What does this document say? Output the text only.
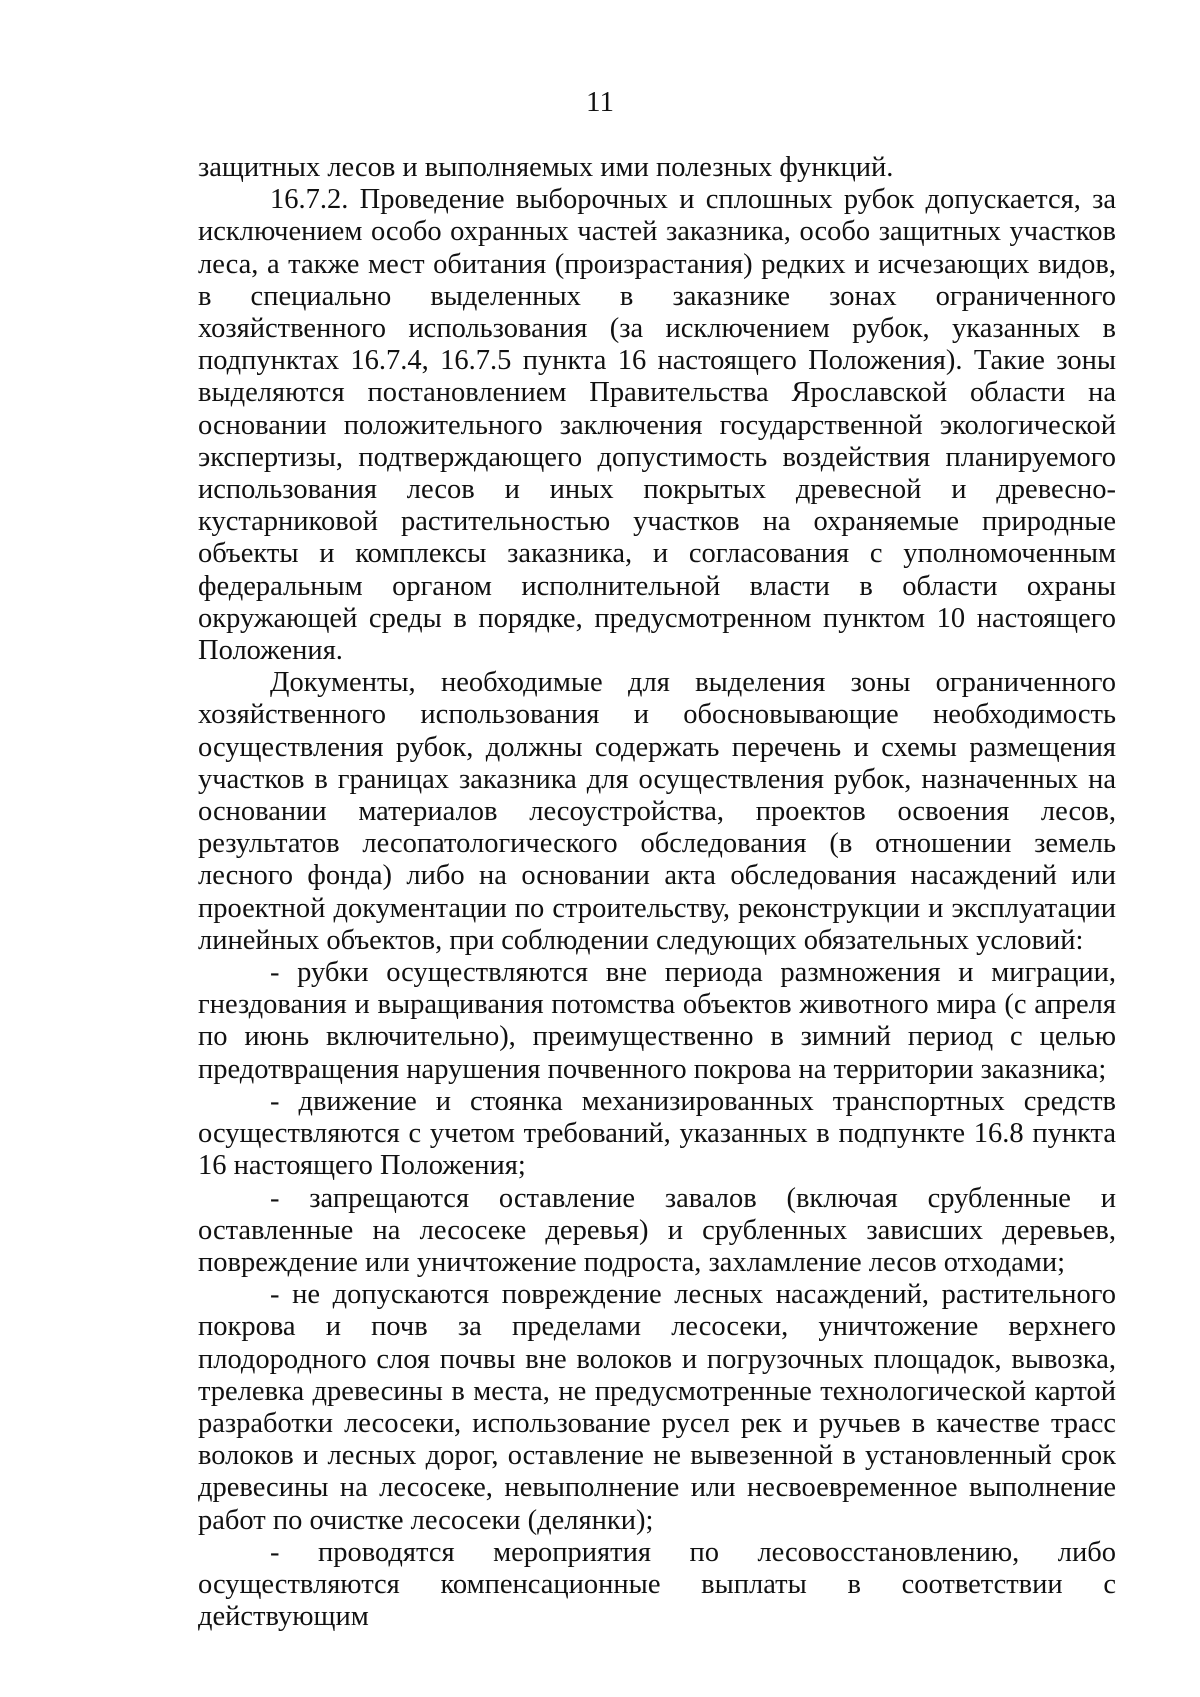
11

защитных лесов и выполняемых ими полезных функций.

16.7.2. Проведение выборочных и сплошных рубок допускается, за исключением особо охранных частей заказника, особо защитных участков леса, а также мест обитания (произрастания) редких и исчезающих видов, в специально выделенных в заказнике зонах ограниченного хозяйственного использования (за исключением рубок, указанных в подпунктах 16.7.4, 16.7.5 пункта 16 настоящего Положения). Такие зоны выделяются постановлением Правительства Ярославской области на основании положительного заключения государственной экологической экспертизы, подтверждающего допустимость воздействия планируемого использования лесов и иных покрытых древесной и древесно-кустарниковой растительностью участков на охраняемые природные объекты и комплексы заказника, и согласования с уполномоченным федеральным органом исполнительной власти в области охраны окружающей среды в порядке, предусмотренном пунктом 10 настоящего Положения.

Документы, необходимые для выделения зоны ограниченного хозяйственного использования и обосновывающие необходимость осуществления рубок, должны содержать перечень и схемы размещения участков в границах заказника для осуществления рубок, назначенных на основании материалов лесоустройства, проектов освоения лесов, результатов лесопатологического обследования (в отношении земель лесного фонда) либо на основании акта обследования насаждений или проектной документации по строительству, реконструкции и эксплуатации линейных объектов, при соблюдении следующих обязательных условий:

- рубки осуществляются вне периода размножения и миграции, гнездования и выращивания потомства объектов животного мира (с апреля по июнь включительно), преимущественно в зимний период с целью предотвращения нарушения почвенного покрова на территории заказника;

- движение и стоянка механизированных транспортных средств осуществляются с учетом требований, указанных в подпункте 16.8 пункта 16 настоящего Положения;

- запрещаются оставление завалов (включая срубленные и оставленные на лесосеке деревья) и срубленных зависших деревьев, повреждение или уничтожение подроста, захламление лесов отходами;

- не допускаются повреждение лесных насаждений, растительного покрова и почв за пределами лесосеки, уничтожение верхнего плодородного слоя почвы вне волоков и погрузочных площадок, вывозка, трелевка древесины в места, не предусмотренные технологической картой разработки лесосеки, использование русел рек и ручьев в качестве трасс волоков и лесных дорог, оставление не вывезенной в установленный срок древесины на лесосеке, невыполнение или несвоевременное выполнение работ по очистке лесосеки (делянки);

- проводятся мероприятия по лесовосстановлению, либо осуществляются компенсационные выплаты в соответствии с действующим
